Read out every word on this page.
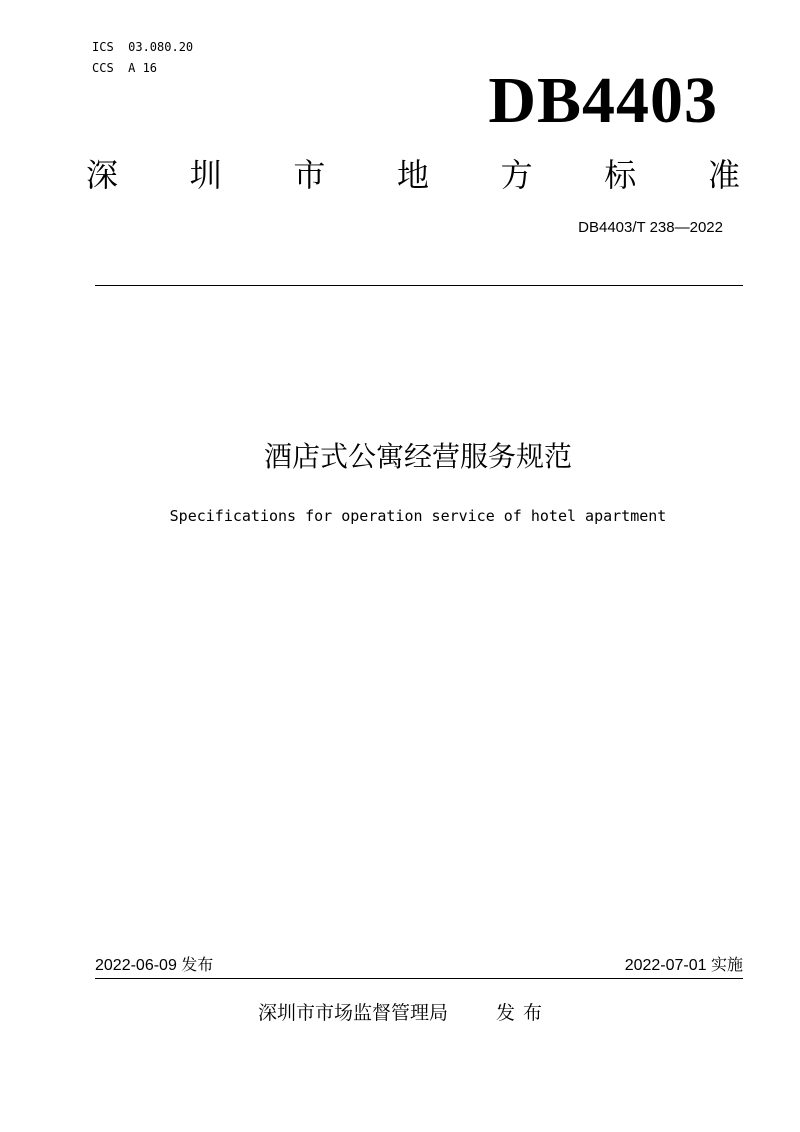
ICS  03.080.20
CCS  A 16	DB4403
深 圳 市 地 方 标 准
DB4403/T 238—2022
酒店式公寓经营服务规范
Specifications for operation service of hotel apartment
2022-06-09 发布	2022-07-01 实施
深圳市市场监督管理局	发布
